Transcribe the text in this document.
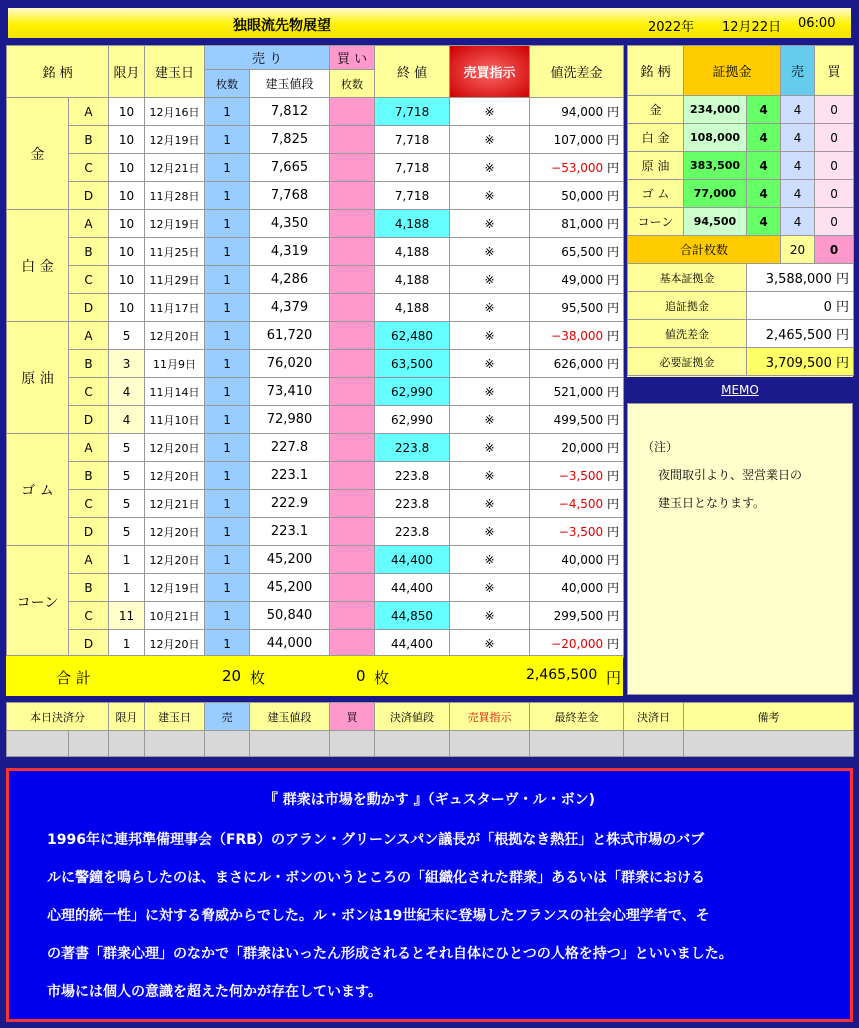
独眼流先物展望	2022年 12月22日 06:00
銘 柄		限月	建玉日	売 り		買 い	終 値	売買指示	値洗差金
				枚数	建玉値段	枚数			
金	A	10	12月16日	1	7,812		7,718	※	94,000 円
	B	10	12月19日	1	7,825		7,718	※	107,000 円
	C	10	12月21日	1	7,665		7,718	※	−53,000 円
	D	10	11月28日	1	7,768		7,718	※	50,000 円
白 金	A	10	12月19日	1	4,350		4,188	※	81,000 円
	B	10	11月25日	1	4,319		4,188	※	65,500 円
	C	10	11月29日	1	4,286		4,188	※	49,000 円
	D	10	11月17日	1	4,379		4,188	※	95,500 円
原 油	A	5	12月20日	1	61,720		62,480	※	−38,000 円
	B	3	11月9日	1	76,020		63,500	※	626,000 円
	C	4	11月14日	1	73,410		62,990	※	521,000 円
	D	4	11月10日	1	72,980		62,990	※	499,500 円
ゴ ム	A	5	12月20日	1	227.8		223.8	※	20,000 円
	B	5	12月20日	1	223.1		223.8	※	−3,500 円
	C	5	12月21日	1	222.9		223.8	※	−4,500 円
	D	5	12月20日	1	223.1		223.8	※	−3,500 円
コーン	A	1	12月20日	1	45,200		44,400	※	40,000 円
	B	1	12月19日	1	45,200		44,400	※	40,000 円
	C	11	10月21日	1	50,840		44,850	※	299,500 円
	D	1	12月20日	1	44,000		44,400	※	−20,000 円
合 計	20 枚	0 枚	2,465,500 円
銘 柄	証拠金		売	買
金	234,000	4	4	0
白 金	108,000	4	4	0
原 油	383,500	4	4	0
ゴ ム	77,000	4	4	0
コーン	94,500	4	4	0
合計枚数			20	0
基本証拠金		3,588,000 円		
追証拠金		0 円		
値洗差金		2,465,500 円		
必要証拠金		3,709,500 円		
MEMO
（注）
夜間取引より、翌営業日の
建玉日となります。
本日決済分		限月	建玉日	売	建玉値段	買	決済値段	売買指示	最終差金	決済日	備考

『 群衆は市場を動かす 』（ギュスターヴ・ル・ボン)
1996年に連邦準備理事会（FRB）のアラン・グリーンスパン議長が「根拠なき熱狂」と株式市場のバブ
ルに警鐘を鳴らしたのは、まさにル・ボンのいうところの「組織化された群衆」あるいは「群衆における
心理的統一性」に対する脅威からでした。ル・ボンは19世紀末に登場したフランスの社会心理学者で、そ
の著書「群衆心理」のなかで「群衆はいったん形成されるとそれ自体にひとつの人格を持つ」といいました。
市場には個人の意識を超えた何かが存在しています。
